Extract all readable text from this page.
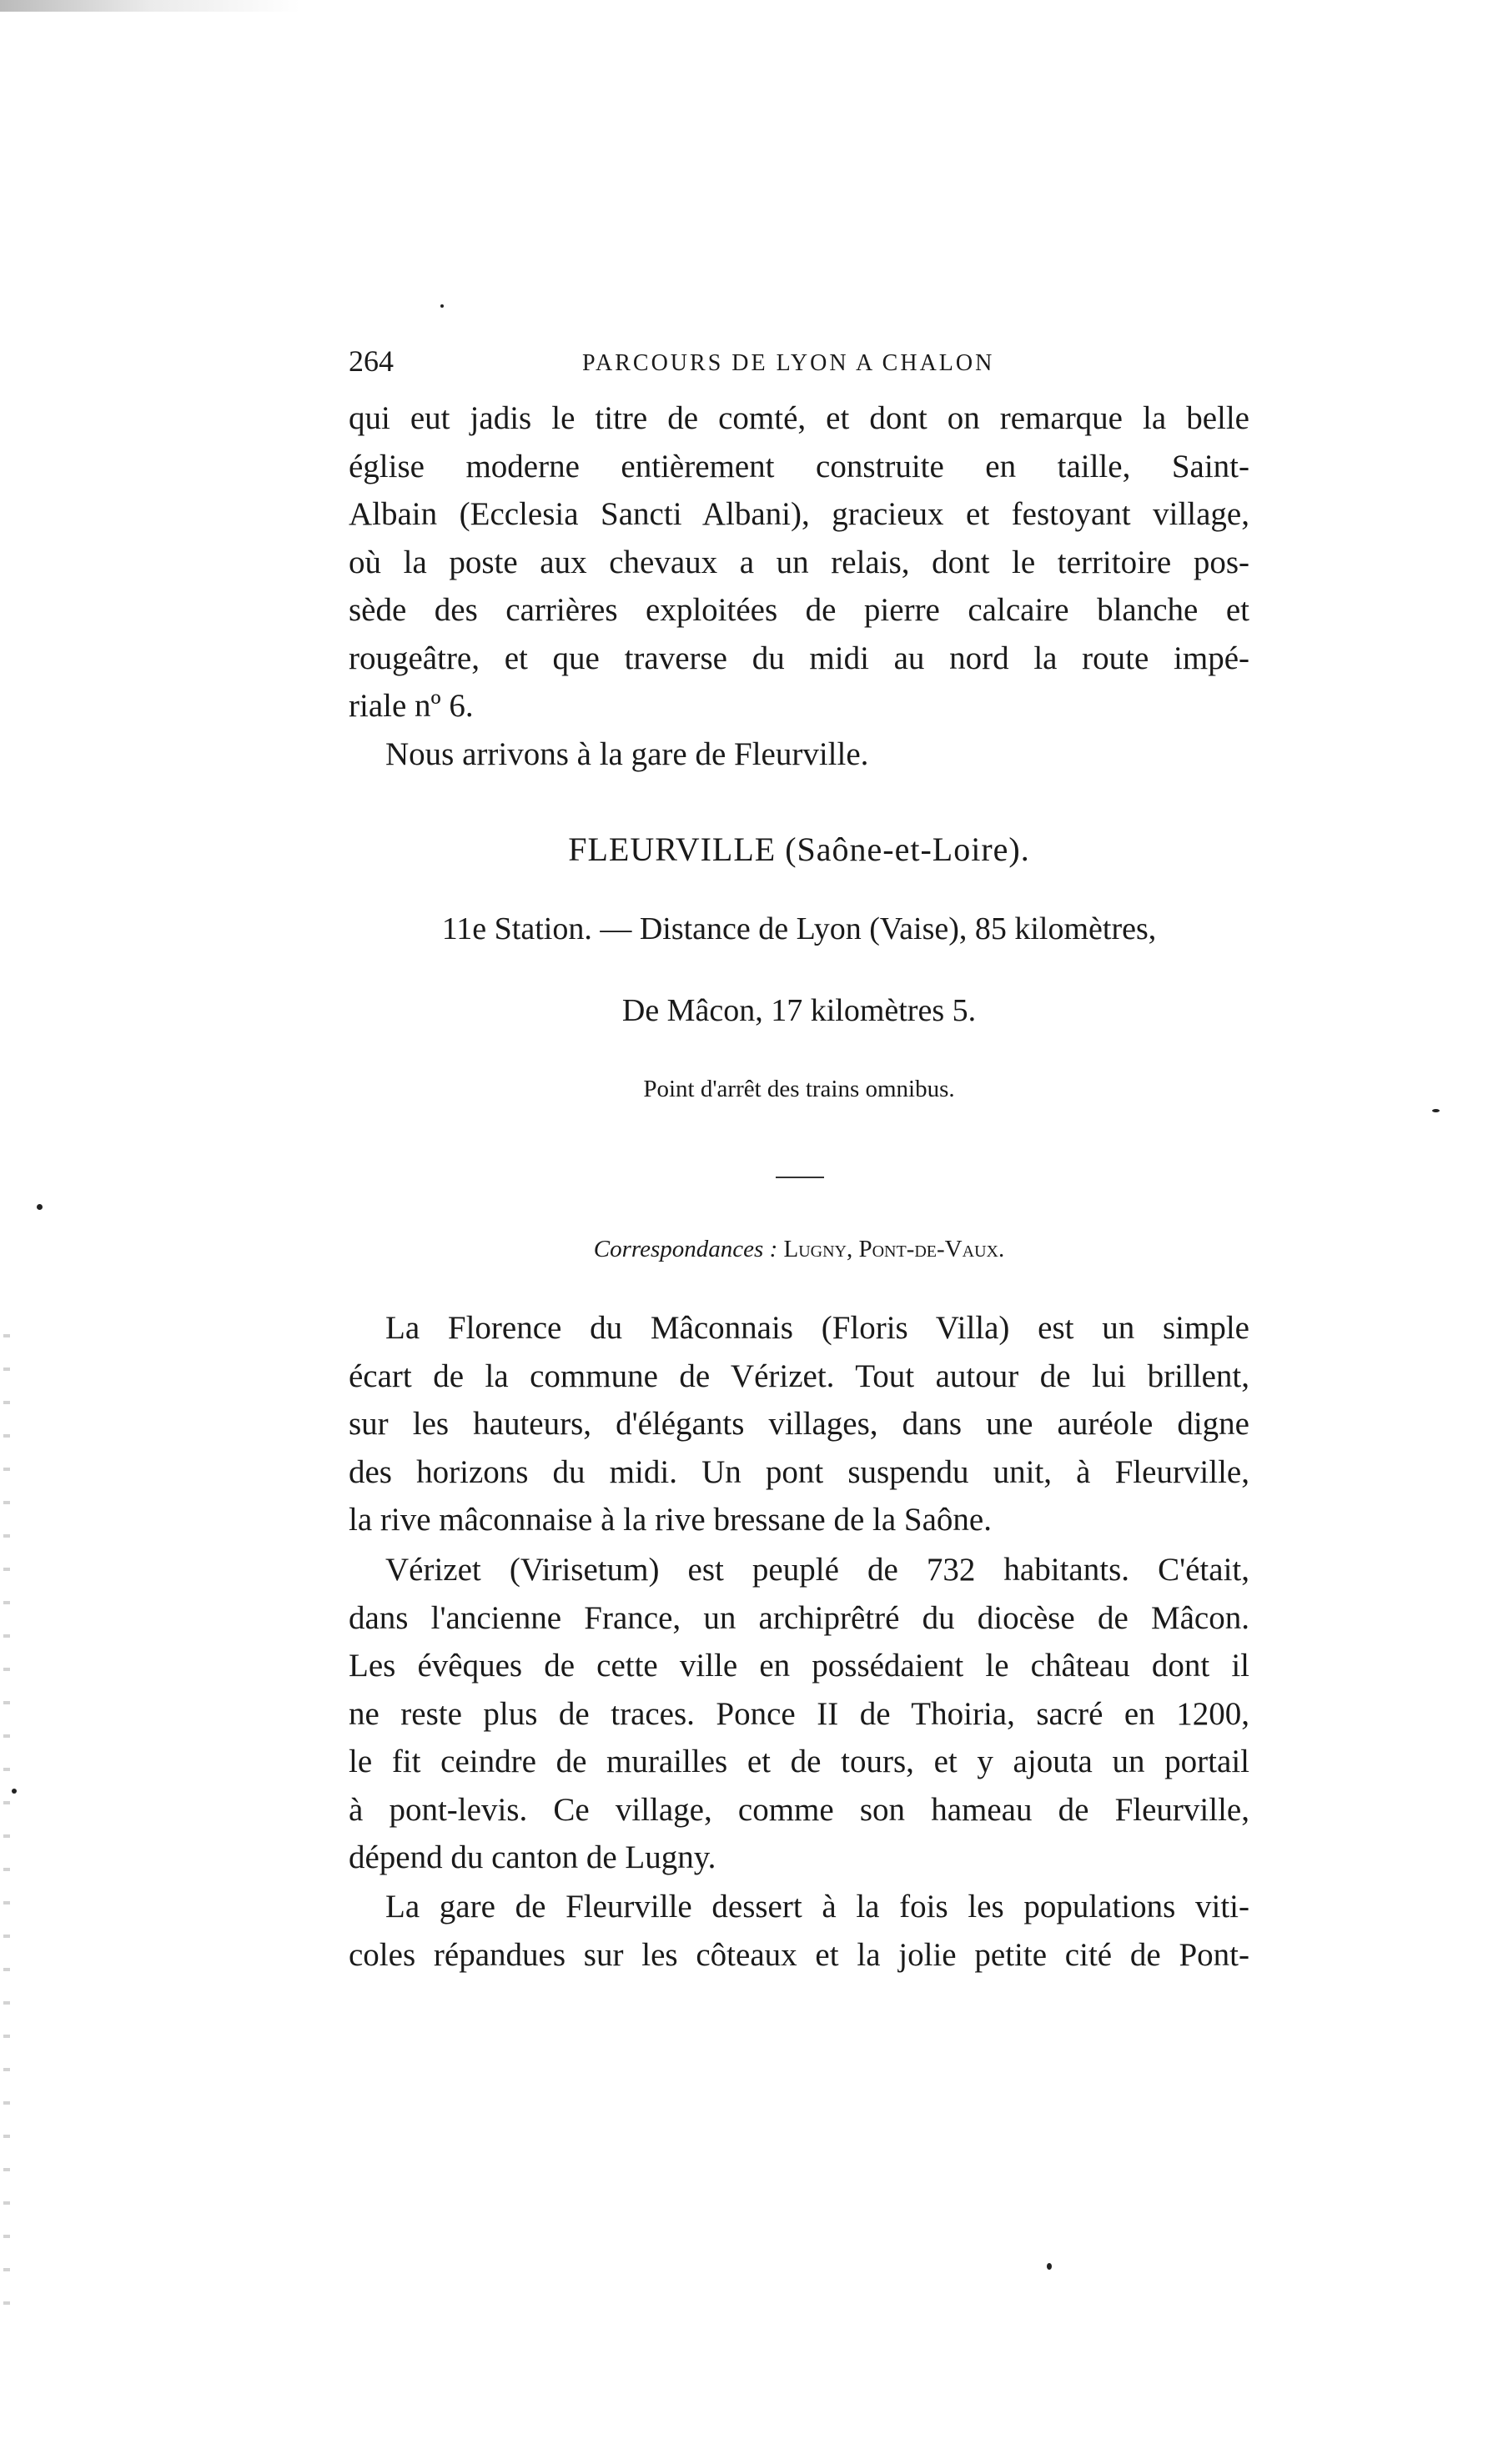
264	PARCOURS DE LYON A CHALON
qui eut jadis le titre de comté, et dont on remarque la belle
église moderne entièrement construite en taille, Saint-
Albain (Ecclesia Sancti Albani), gracieux et festoyant village,
où la poste aux chevaux a un relais, dont le territoire pos-
sède des carrières exploitées de pierre calcaire blanche et
rougeâtre, et que traverse du midi au nord la route impé-
riale nº 6.
Nous arrivons à la gare de Fleurville.
FLEURVILLE (Saône-et-Loire).
11e Station. — Distance de Lyon (Vaise), 85 kilomètres,
De Mâcon, 17 kilomètres 5.
Point d'arrêt des trains omnibus.
Correspondances : Lugny, Pont-de-Vaux.
La Florence du Mâconnais (Floris Villa) est un simple
écart de la commune de Vérizet. Tout autour de lui brillent,
sur les hauteurs, d'élégants villages, dans une auréole digne
des horizons du midi. Un pont suspendu unit, à Fleurville,
la rive mâconnaise à la rive bressane de la Saône.
Vérizet (Virisetum) est peuplé de 732 habitants. C'était,
dans l'ancienne France, un archiprêtré du diocèse de Mâcon.
Les évêques de cette ville en possédaient le château dont il
ne reste plus de traces. Ponce II de Thoiria, sacré en 1200,
le fit ceindre de murailles et de tours, et y ajouta un portail
à pont-levis. Ce village, comme son hameau de Fleurville,
dépend du canton de Lugny.
La gare de Fleurville dessert à la fois les populations viti-
coles répandues sur les côteaux et la jolie petite cité de Pont-
